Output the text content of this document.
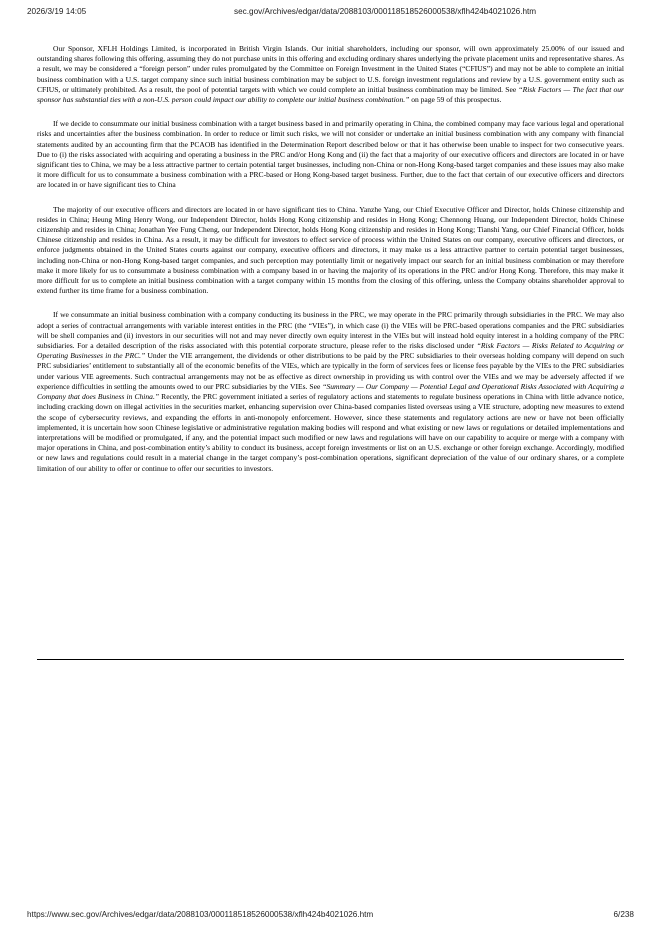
2026/3/19 14:05	sec.gov/Archives/edgar/data/2088103/000118518526000538/xflh424b4021026.htm

Our Sponsor, XFLH Holdings Limited, is incorporated in British Virgin Islands. Our initial shareholders, including our sponsor, will own approximately 25.00% of our issued and outstanding shares following this offering, assuming they do not purchase units in this offering and excluding ordinary shares underlying the private placement units and representative shares. As a result, we may be considered a “foreign person” under rules promulgated by the Committee on Foreign Investment in the United States (“CFIUS”) and may not be able to complete an initial business combination with a U.S. target company since such initial business combination may be subject to U.S. foreign investment regulations and review by a U.S. government entity such as CFIUS, or ultimately prohibited. As a result, the pool of potential targets with which we could complete an initial business combination may be limited. See “Risk Factors — The fact that our sponsor has substantial ties with a non-U.S. person could impact our ability to complete our initial business combination.” on page 59 of this prospectus.

If we decide to consummate our initial business combination with a target business based in and primarily operating in China, the combined company may face various legal and operational risks and uncertainties after the business combination. In order to reduce or limit such risks, we will not consider or undertake an initial business combination with any company with financial statements audited by an accounting firm that the PCAOB has identified in the Determination Report described below or that it has otherwise been unable to inspect for two consecutive years. Due to (i) the risks associated with acquiring and operating a business in the PRC and/or Hong Kong and (ii) the fact that a majority of our executive officers and directors are located in or have significant ties to China, we may be a less attractive partner to certain potential target businesses, including non-China or non-Hong Kong-based target companies and these issues may also make it more difficult for us to consummate a business combination with a PRC-based or Hong Kong-based target business. Further, due to the fact that certain of our executive officers and directors are located in or have significant ties to China

The majority of our executive officers and directors are located in or have significant ties to China. Yanzhe Yang, our Chief Executive Officer and Director, holds Chinese citizenship and resides in China; Heung Ming Henry Wong, our Independent Director, holds Hong Kong citizenship and resides in Hong Kong; Chennong Huang, our Independent Director, holds Chinese citizenship and resides in China; Jonathan Yee Fung Cheng, our Independent Director, holds Hong Kong citizenship and resides in Hong Kong; Tianshi Yang, our Chief Financial Officer, holds Chinese citizenship and resides in China. As a result, it may be difficult for investors to effect service of process within the United States on our company, executive officers and directors, or enforce judgments obtained in the United States courts against our company, executive officers and directors, it may make us a less attractive partner to certain potential target businesses, including non-China or non-Hong Kong-based target companies, and such perception may potentially limit or negatively impact our search for an initial business combination or may therefore make it more likely for us to consummate a business combination with a company based in or having the majority of its operations in the PRC and/or Hong Kong. Therefore, this may make it more difficult for us to complete an initial business combination with a target company within 15 months from the closing of this offering, unless the Company obtains shareholder approval to extend further its time frame for a business combination.

If we consummate an initial business combination with a company conducting its business in the PRC, we may operate in the PRC primarily through subsidiaries in the PRC. We may also adopt a series of contractual arrangements with variable interest entities in the PRC (the “VIEs”), in which case (i) the VIEs will be PRC-based operations companies and the PRC subsidiaries will be shell companies and (ii) investors in our securities will not and may never directly own equity interest in the VIEs but will instead hold equity interest in a holding company of the PRC subsidiaries. For a detailed description of the risks associated with this potential corporate structure, please refer to the risks disclosed under “Risk Factors — Risks Related to Acquiring or Operating Businesses in the PRC.” Under the VIE arrangement, the dividends or other distributions to be paid by the PRC subsidiaries to their overseas holding company will depend on such PRC subsidiaries’ entitlement to substantially all of the economic benefits of the VIEs, which are typically in the form of services fees or license fees payable by the VIEs to the PRC subsidiaries under various VIE agreements. Such contractual arrangements may not be as effective as direct ownership in providing us with control over the VIEs and we may be adversely affected if we experience difficulties in settling the amounts owed to our PRC subsidiaries by the VIEs. See “Summary — Our Company — Potential Legal and Operational Risks Associated with Acquiring a Company that does Business in China.” Recently, the PRC government initiated a series of regulatory actions and statements to regulate business operations in China with little advance notice, including cracking down on illegal activities in the securities market, enhancing supervision over China-based companies listed overseas using a VIE structure, adopting new measures to extend the scope of cybersecurity reviews, and expanding the efforts in anti-monopoly enforcement. However, since these statements and regulatory actions are new or have not been officially implemented, it is uncertain how soon Chinese legislative or administrative regulation making bodies will respond and what existing or new laws or regulations or detailed implementations and interpretations will be modified or promulgated, if any, and the potential impact such modified or new laws and regulations will have on our capability to acquire or merge with a company with major operations in China, and post-combination entity’s ability to conduct its business, accept foreign investments or list on an U.S. exchange or other foreign exchange. Accordingly, modified or new laws and regulations could result in a material change in the target company’s post-combination operations, significant depreciation of the value of our ordinary shares, or a complete limitation of our ability to offer or continue to offer our securities to investors.

https://www.sec.gov/Archives/edgar/data/2088103/000118518526000538/xflh424b4021026.htm	6/238
